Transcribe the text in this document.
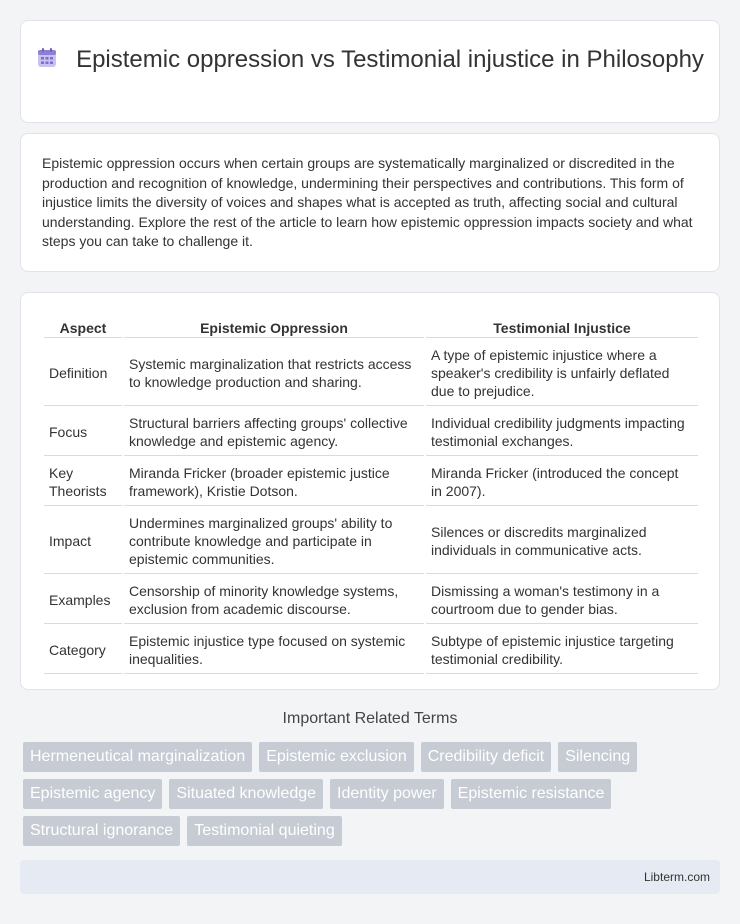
Epistemic oppression vs Testimonial injustice in Philosophy

Epistemic oppression occurs when certain groups are systematically marginalized or discredited in the production and recognition of knowledge, undermining their perspectives and contributions. This form of injustice limits the diversity of voices and shapes what is accepted as truth, affecting social and cultural understanding. Explore the rest of the article to learn how epistemic oppression impacts society and what steps you can take to challenge it.

Aspect	Epistemic Oppression	Testimonial Injustice
Definition	Systemic marginalization that restricts access to knowledge production and sharing.	A type of epistemic injustice where a speaker's credibility is unfairly deflated due to prejudice.
Focus	Structural barriers affecting groups' collective knowledge and epistemic agency.	Individual credibility judgments impacting testimonial exchanges.
Key Theorists	Miranda Fricker (broader epistemic justice framework), Kristie Dotson.	Miranda Fricker (introduced the concept in 2007).
Impact	Undermines marginalized groups' ability to contribute knowledge and participate in epistemic communities.	Silences or discredits marginalized individuals in communicative acts.
Examples	Censorship of minority knowledge systems, exclusion from academic discourse.	Dismissing a woman's testimony in a courtroom due to gender bias.
Category	Epistemic injustice type focused on systemic inequalities.	Subtype of epistemic injustice targeting testimonial credibility.
Important Related Terms
Hermeneutical marginalization	Epistemic exclusion	Credibility deficit	Silencing
Epistemic agency	Situated knowledge	Identity power	Epistemic resistance
Structural ignorance	Testimonial quieting
Libterm.com
